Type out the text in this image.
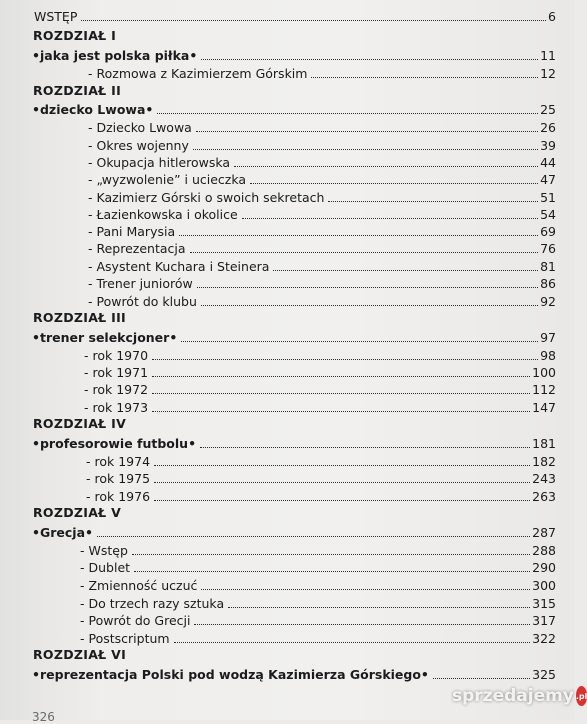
WSTĘP	6
ROZDZIAŁ I
•jaka jest polska piłka•	11
- Rozmowa z Kazimierzem Górskim	12
ROZDZIAŁ II
•dziecko Lwowa•	25
- Dziecko Lwowa	26
- Okres wojenny	39
- Okupacja hitlerowska	44
- „wyzwolenie” i ucieczka	47
- Kazimierz Górski o swoich sekretach	51
- Łazienkowska i okolice	54
- Pani Marysia	69
- Reprezentacja	76
- Asystent Kuchara i Steinera	81
- Trener juniorów	86
- Powrót do klubu	92
ROZDZIAŁ III
•trener selekcjoner•	97
- rok 1970	98
- rok 1971	100
- rok 1972	112
- rok 1973	147
ROZDZIAŁ IV
•profesorowie futbolu•	181
- rok 1974	182
- rok 1975	243
- rok 1976	263
ROZDZIAŁ V
•Grecja•	287
- Wstęp	288
- Dublet	290
- Zmienność uczuć	300
- Do trzech razy sztuka	315
- Powrót do Grecji	317
- Postscriptum	322
ROZDZIAŁ VI
•reprezentacja Polski pod wodzą Kazimierza Górskiego•	325
326
sprzedajemy .pl
